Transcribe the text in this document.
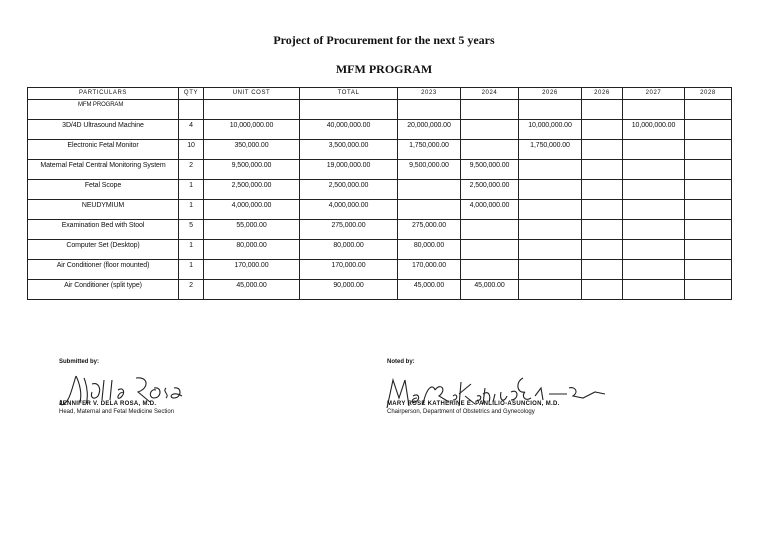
Project of Procurement for the next 5 years
MFM PROGRAM
PARTICULARS	QTY	UNIT COST	TOTAL	2023	2024	2026	2026	2027	2028
MFM PROGRAM									
3D/4D Ultrasound Machine	4	10,000,000.00	40,000,000.00	20,000,000.00		10,000,000.00		10,000,000.00	
Electronic Fetal Monitor	10	350,000.00	3,500,000.00	1,750,000.00		1,750,000.00			
Maternal Fetal Central Monitoring System	2	9,500,000.00	19,000,000.00	9,500,000.00	9,500,000.00				
Fetal Scope	1	2,500,000.00	2,500,000.00		2,500,000.00				
NEUDYMIUM	1	4,000,000.00	4,000,000.00		4,000,000.00				
Examination Bed with Stool	5	55,000.00	275,000.00	275,000.00					
Computer Set (Desktop)	1	80,000.00	80,000.00	80,000.00					
Air Conditioner (floor mounted)	1	170,000.00	170,000.00	170,000.00					
Air Conditioner (split type)	2	45,000.00	90,000.00	45,000.00	45,000.00				
Submitted by:
JENNIFER V. DELA ROSA, M.D.
Head, Maternal and Fetal Medicine Section
Noted by:
MARY ROSE KATHERINE E. PANLILIO-ASUNCION, M.D.
Chairperson, Department of Obstetrics and Gynecology
